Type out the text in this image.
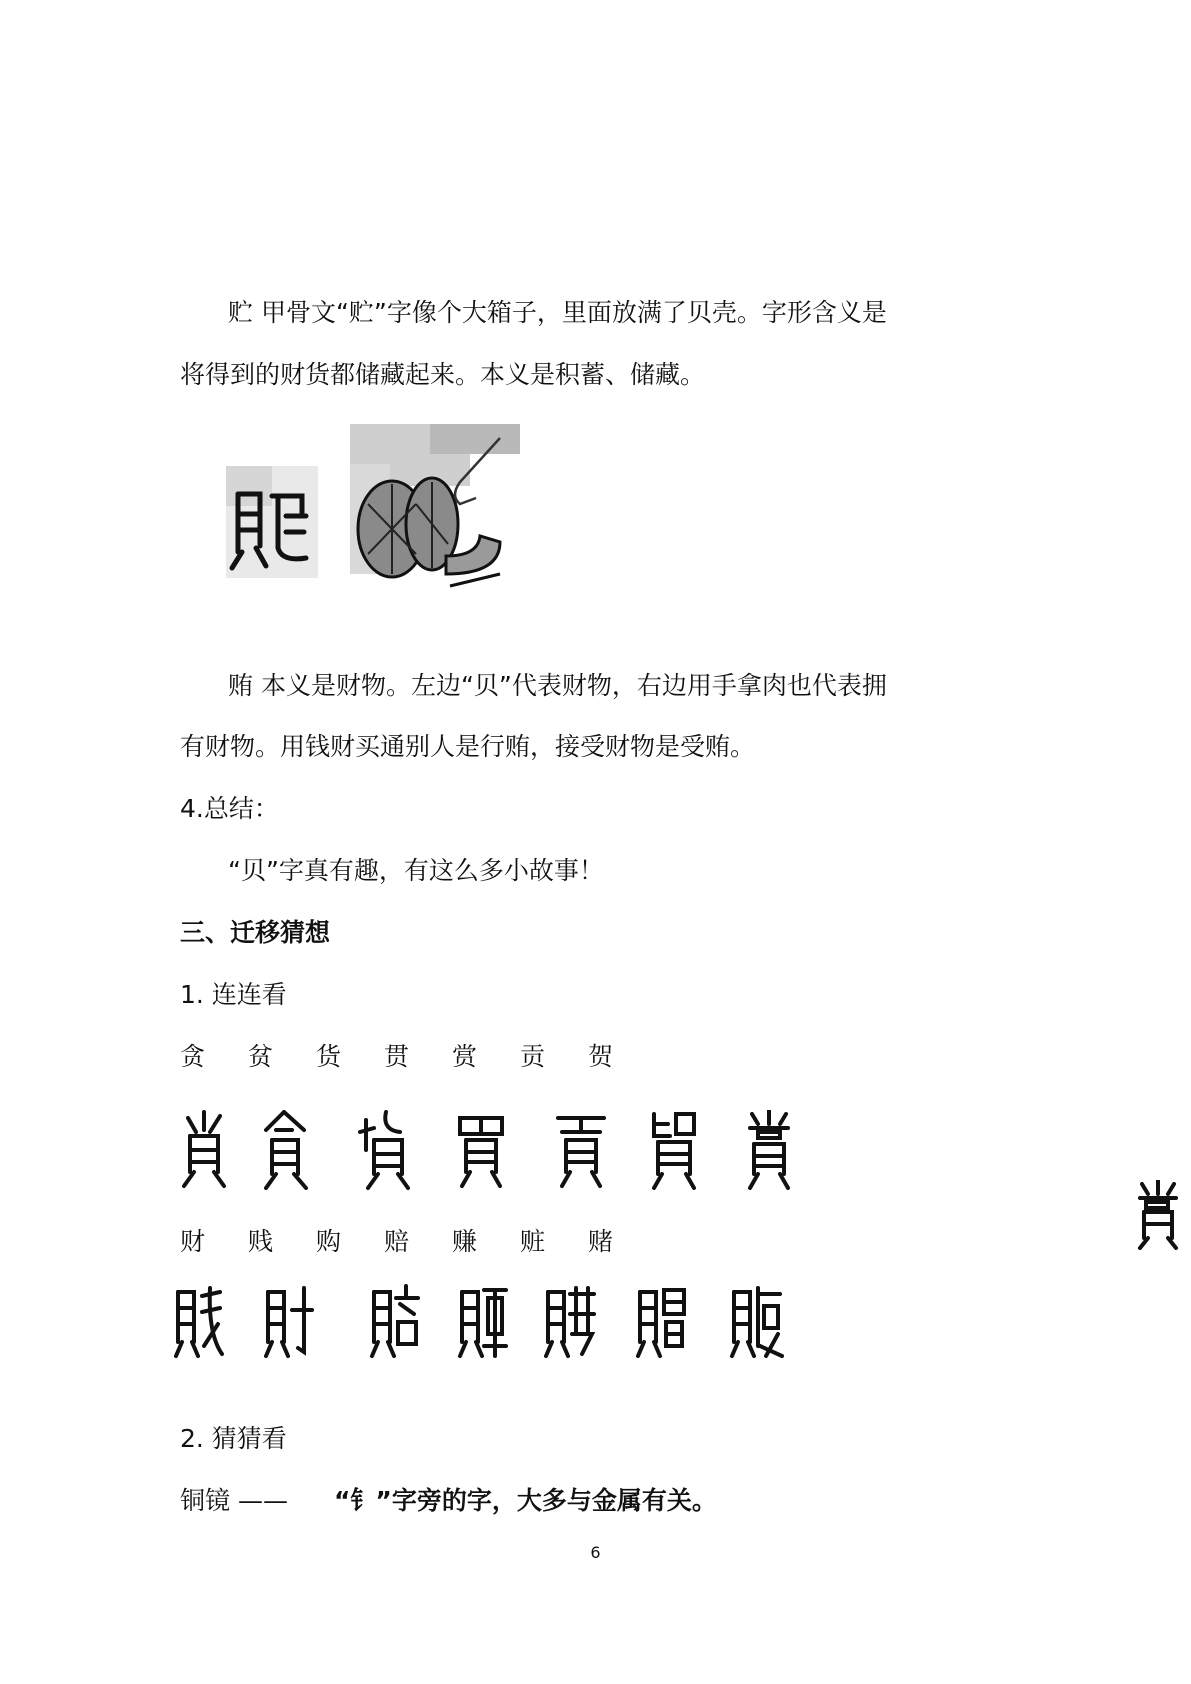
贮 甲骨文“贮”字像个大箱子，里面放满了贝壳。字形含义是
将得到的财货都储藏起来。本义是积蓄、储藏。
贿 本义是财物。左边“贝”代表财物，右边用手拿肉也代表拥
有财物。用钱财买通别人是行贿，接受财物是受贿。
4.总结：
“贝”字真有趣，有这么多小故事！
三、迁移猜想
1. 连连看
贪 贫 货 贯 赏 贡 贺
财 贱 购 赔 赚 赃 赌
2. 猜猜看
铜镜 —— “钅”字旁的字，大多与金属有关。
6
